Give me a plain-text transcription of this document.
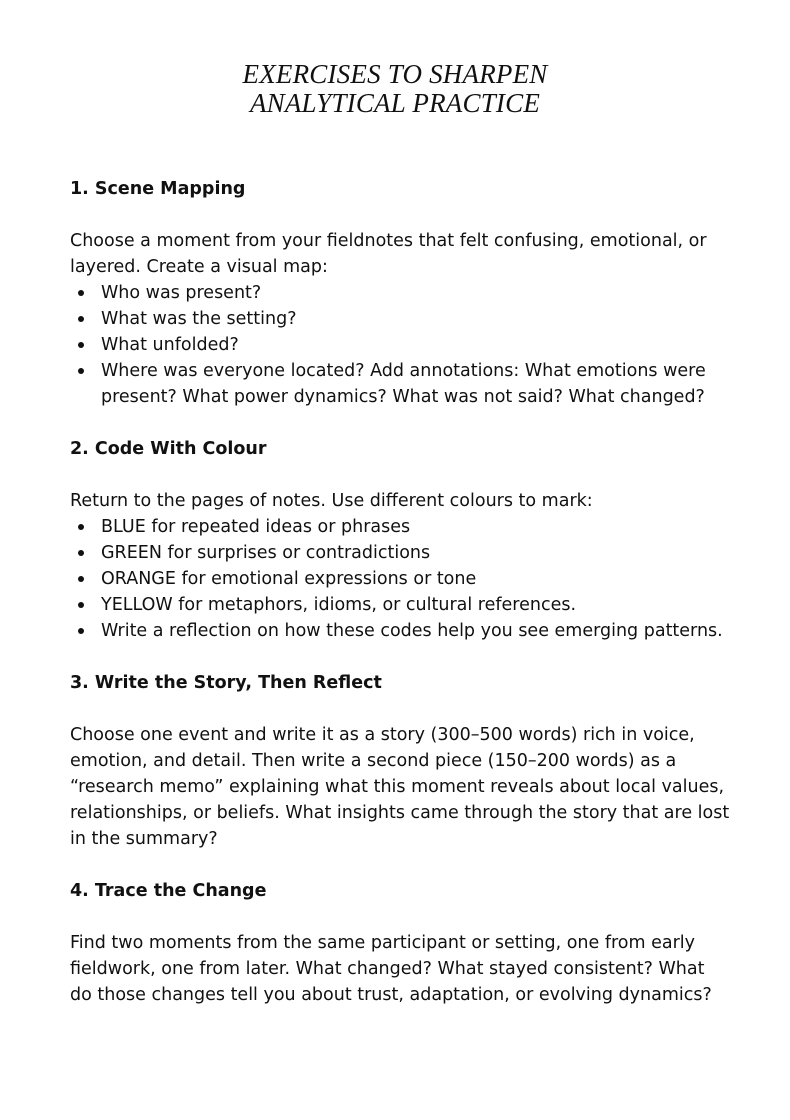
EXERCISES TO SHARPEN
ANALYTICAL PRACTICE

1. Scene Mapping

Choose a moment from your fieldnotes that felt confusing, emotional, or layered. Create a visual map:

Who was present?
What was the setting?
What unfolded?
Where was everyone located? Add annotations: What emotions were present? What power dynamics? What was not said? What changed?

2. Code With Colour

Return to the pages of notes. Use different colours to mark:

BLUE for repeated ideas or phrases
GREEN for surprises or contradictions
ORANGE for emotional expressions or tone
YELLOW for metaphors, idioms, or cultural references.
Write a reflection on how these codes help you see emerging patterns.

3. Write the Story, Then Reflect

Choose one event and write it as a story (300–500 words) rich in voice, emotion, and detail. Then write a second piece (150–200 words) as a “research memo” explaining what this moment reveals about local values, relationships, or beliefs. What insights came through the story that are lost in the summary?

4. Trace the Change

Find two moments from the same participant or setting, one from early fieldwork, one from later. What changed? What stayed consistent? What do those changes tell you about trust, adaptation, or evolving dynamics?
